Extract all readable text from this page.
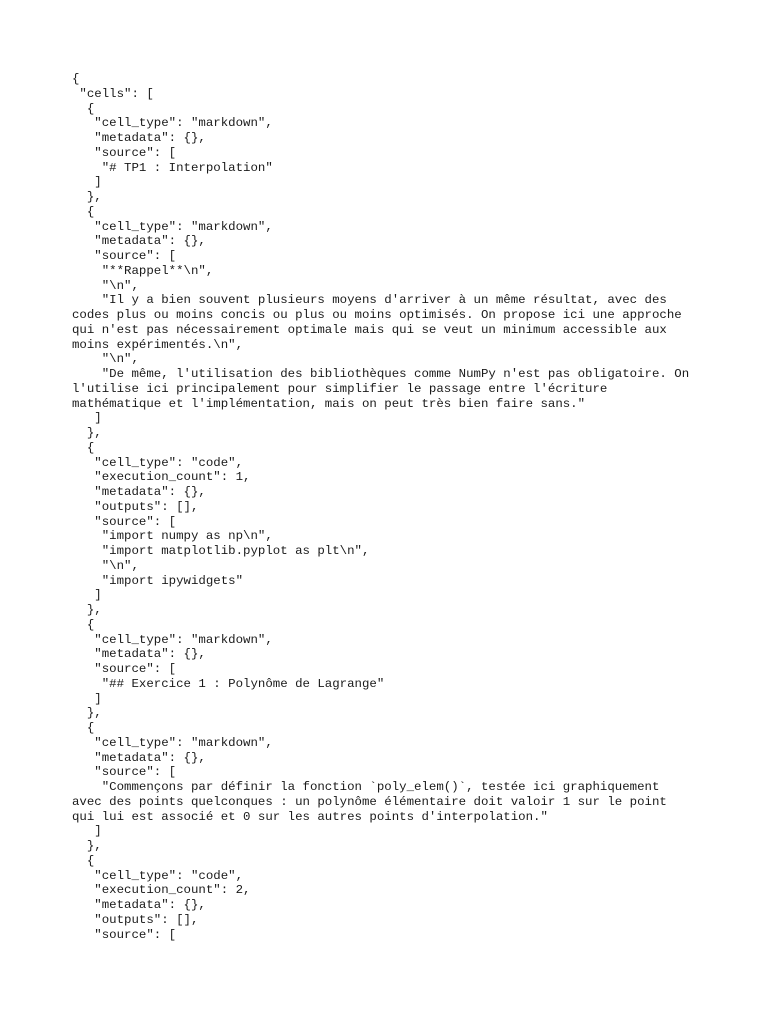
{
"cells": [
{
"cell_type": "markdown",
"metadata": {},
"source": [
"# TP1 : Interpolation"
]
},
{
"cell_type": "markdown",
"metadata": {},
"source": [
"**Rappel**\n",
"\n",
"Il y a bien souvent plusieurs moyens d'arriver à un même résultat, avec des
codes plus ou moins concis ou plus ou moins optimisés. On propose ici une approche
qui n'est pas nécessairement optimale mais qui se veut un minimum accessible aux
moins expérimentés.\n",
"\n",
"De même, l'utilisation des bibliothèques comme NumPy n'est pas obligatoire. On
l'utilise ici principalement pour simplifier le passage entre l'écriture
mathématique et l'implémentation, mais on peut très bien faire sans."
]
},
{
"cell_type": "code",
"execution_count": 1,
"metadata": {},
"outputs": [],
"source": [
"import numpy as np\n",
"import matplotlib.pyplot as plt\n",
"\n",
"import ipywidgets"
]
},
{
"cell_type": "markdown",
"metadata": {},
"source": [
"## Exercice 1 : Polynôme de Lagrange"
]
},
{
"cell_type": "markdown",
"metadata": {},
"source": [
"Commençons par définir la fonction `poly_elem()`, testée ici graphiquement
avec des points quelconques : un polynôme élémentaire doit valoir 1 sur le point
qui lui est associé et 0 sur les autres points d'interpolation."
]
},
{
"cell_type": "code",
"execution_count": 2,
"metadata": {},
"outputs": [],
"source": [
